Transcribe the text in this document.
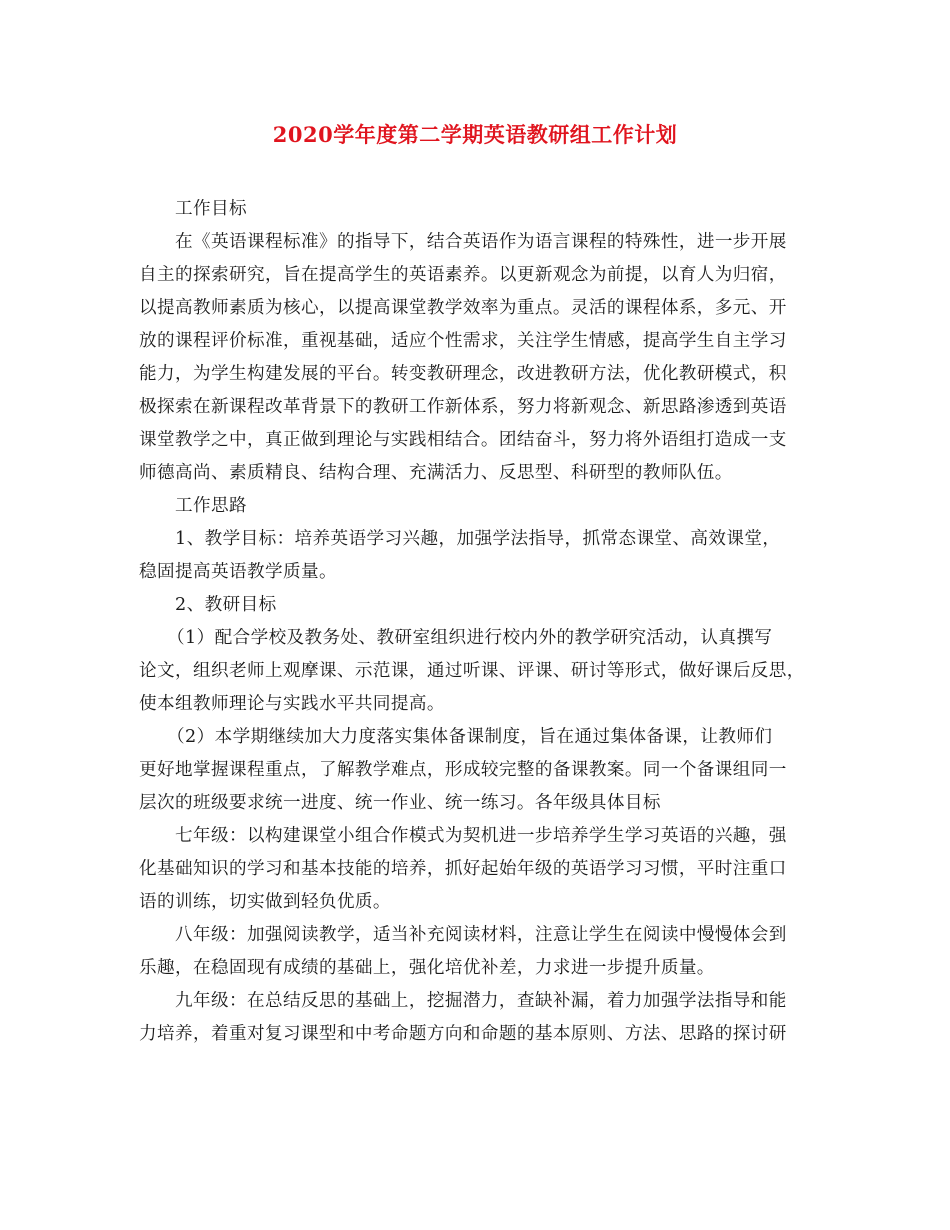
2020学年度第二学期英语教研组工作计划
工作目标
在《英语课程标准》的指导下，结合英语作为语言课程的特殊性，进一步开展
自主的探索研究，旨在提高学生的英语素养。以更新观念为前提，以育人为归宿，
以提高教师素质为核心，以提高课堂教学效率为重点。灵活的课程体系，多元、开
放的课程评价标准，重视基础，适应个性需求，关注学生情感，提高学生自主学习
能力，为学生构建发展的平台。转变教研理念，改进教研方法，优化教研模式，积
极探索在新课程改革背景下的教研工作新体系，努力将新观念、新思路渗透到英语
课堂教学之中，真正做到理论与实践相结合。团结奋斗，努力将外语组打造成一支
师德高尚、素质精良、结构合理、充满活力、反思型、科研型的教师队伍。
工作思路
1、教学目标：培养英语学习兴趣，加强学法指导，抓常态课堂、高效课堂，
稳固提高英语教学质量。
2、教研目标
（1）配合学校及教务处、教研室组织进行校内外的教学研究活动，认真撰写
论文，组织老师上观摩课、示范课，通过听课、评课、研讨等形式，做好课后反思，
使本组教师理论与实践水平共同提高。
（2）本学期继续加大力度落实集体备课制度，旨在通过集体备课，让教师们
更好地掌握课程重点，了解教学难点，形成较完整的备课教案。同一个备课组同一
层次的班级要求统一进度、统一作业、统一练习。各年级具体目标
七年级：以构建课堂小组合作模式为契机进一步培养学生学习英语的兴趣，强
化基础知识的学习和基本技能的培养，抓好起始年级的英语学习习惯，平时注重口
语的训练，切实做到轻负优质。
八年级：加强阅读教学，适当补充阅读材料，注意让学生在阅读中慢慢体会到
乐趣，在稳固现有成绩的基础上，强化培优补差，力求进一步提升质量。
九年级：在总结反思的基础上，挖掘潜力，查缺补漏，着力加强学法指导和能
力培养，着重对复习课型和中考命题方向和命题的基本原则、方法、思路的探讨研
